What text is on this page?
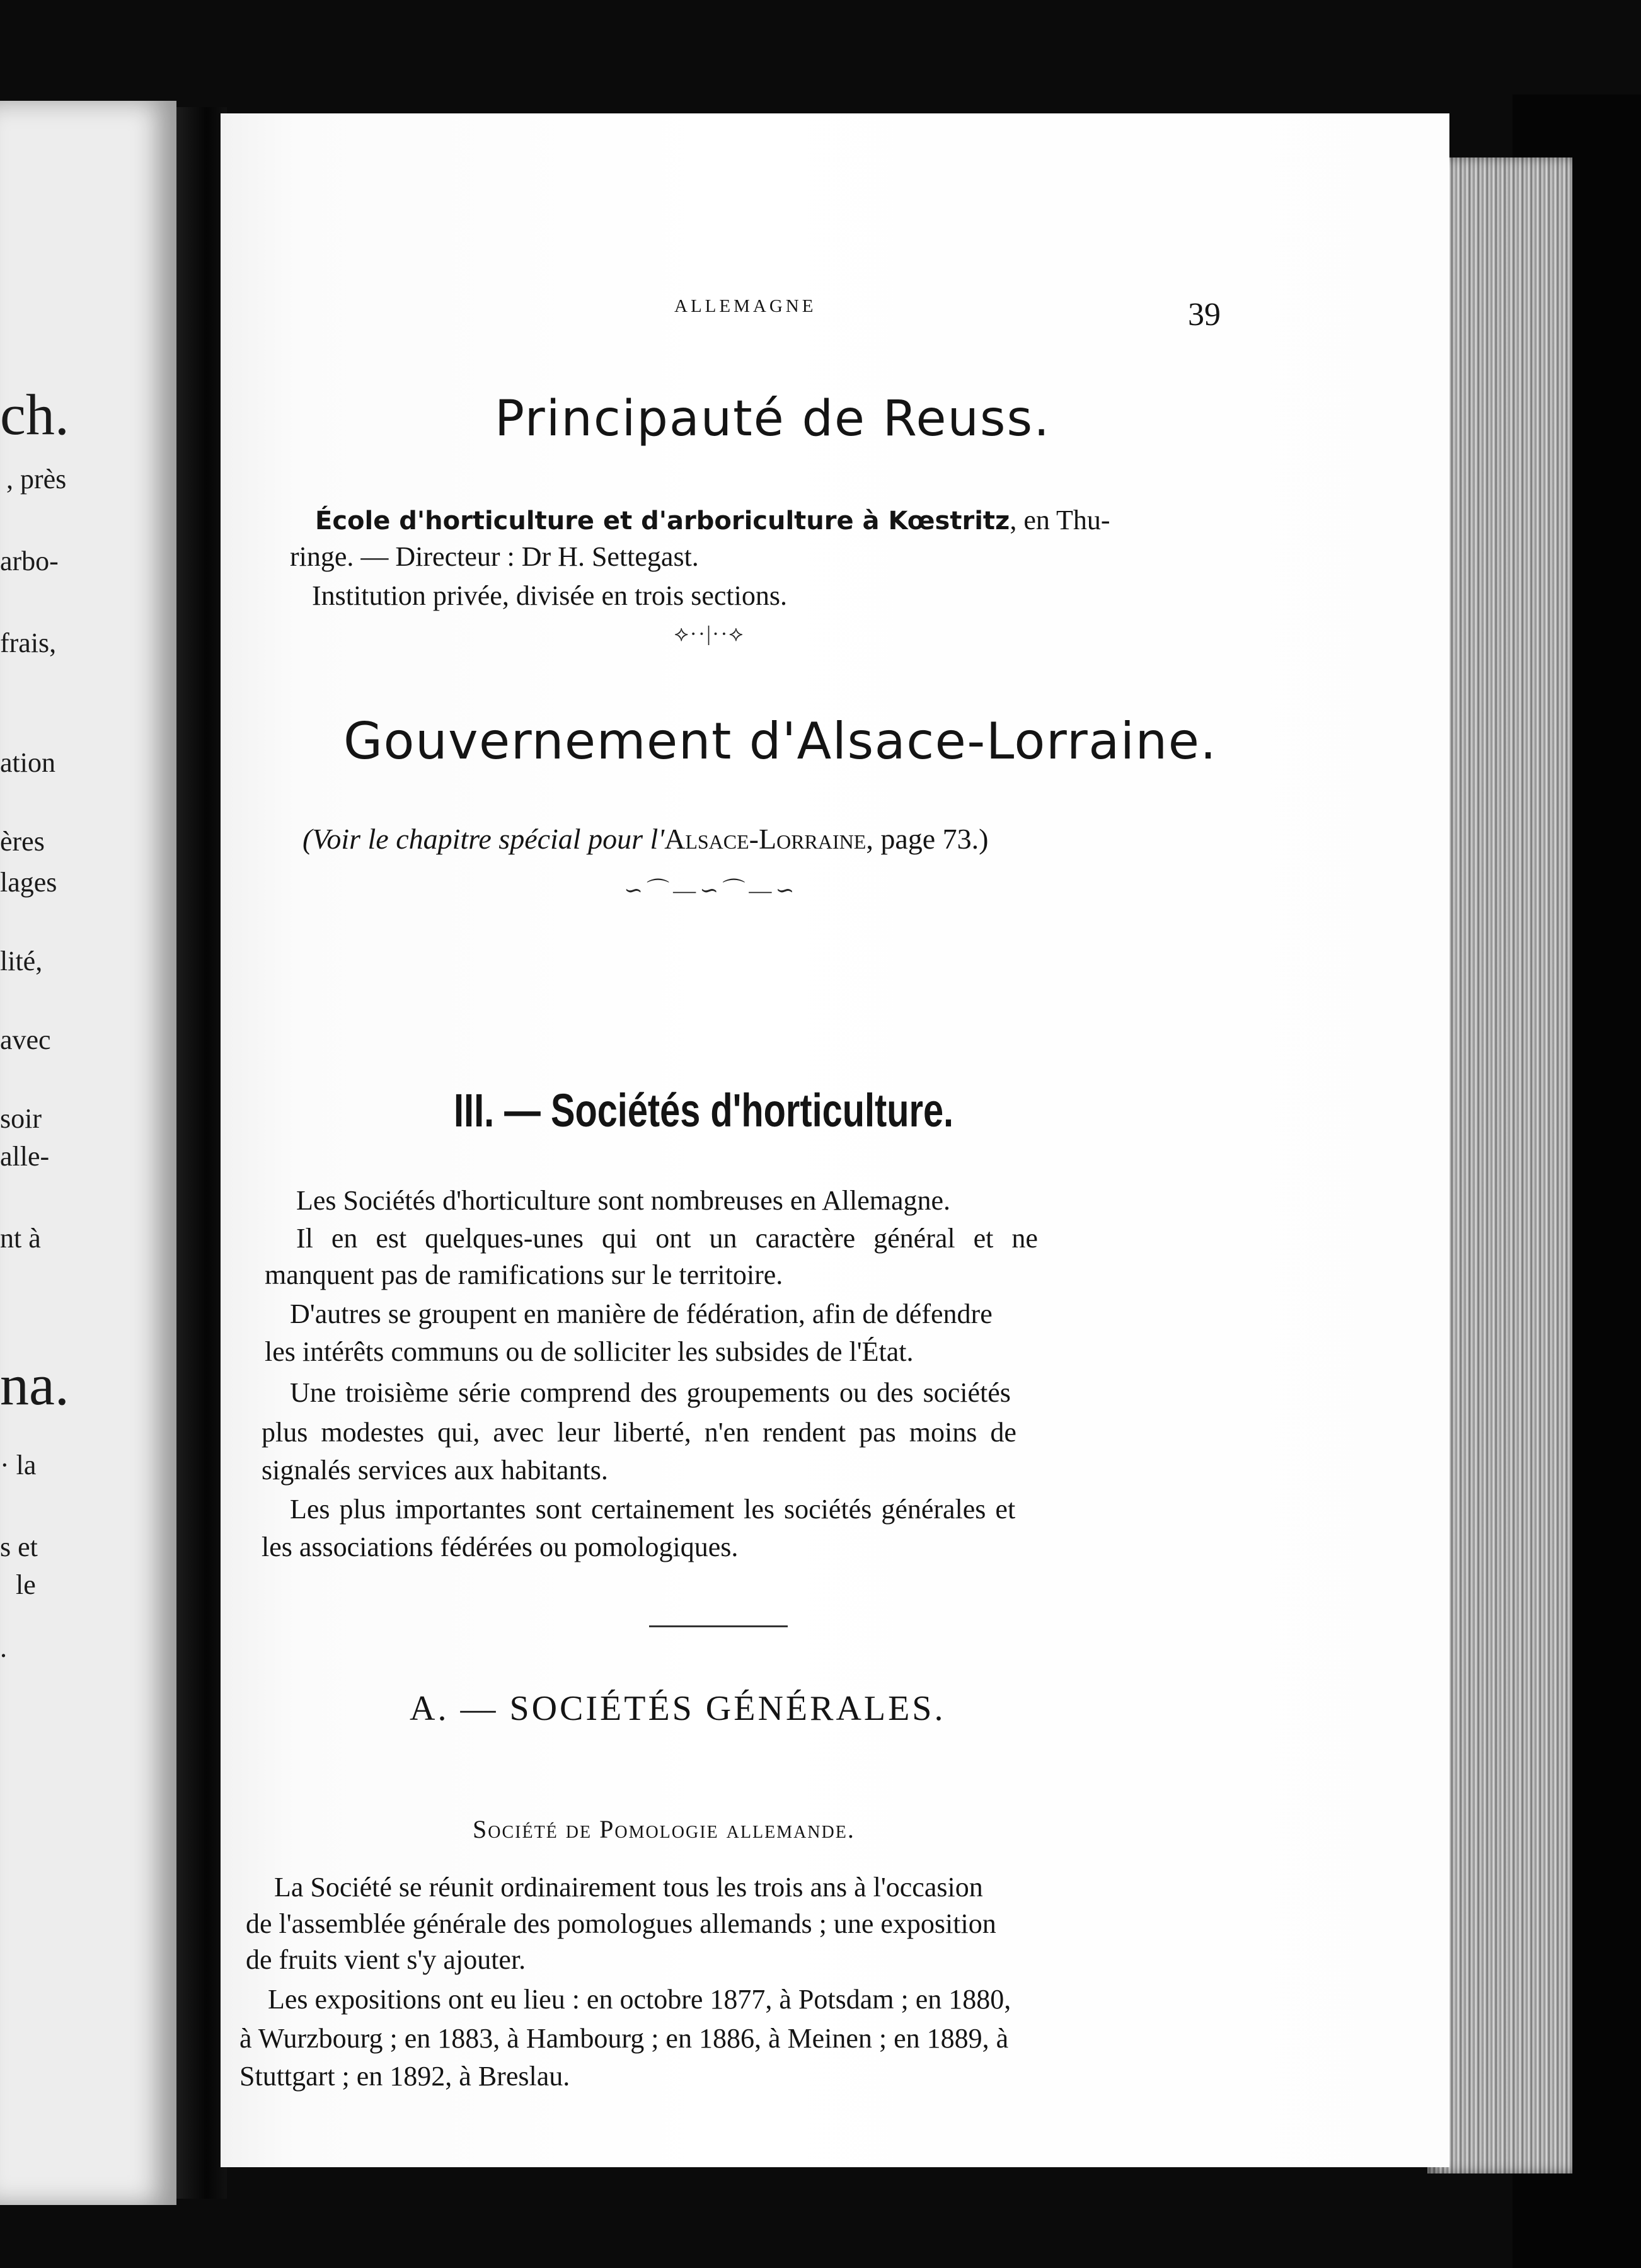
ch.
, près
arbo-
frais,
ation
ères
lages
lité,
avec
soir
alle-
nt à
na.
· la
s et
le
.
ALLEMAGNE	39
Principauté de Reuss.
École d'horticulture et d'arboriculture à Kœstritz, en Thu-
ringe. — Directeur : Dr H. Settegast.
Institution privée, divisée en trois sections.
⟡··|··⟡
Gouvernement d'Alsace-Lorraine.
(Voir le chapitre spécial pour l'Alsace-Lorraine, page 73.)
∽⌒—∽⌒—∽
III. — Sociétés d'horticulture.
Les Sociétés d'horticulture sont nombreuses en Allemagne.
Il en est quelques-unes qui ont un caractère général et ne
manquent pas de ramifications sur le territoire.
D'autres se groupent en manière de fédération, afin de défendre
les intérêts communs ou de solliciter les subsides de l'État.
Une troisième série comprend des groupements ou des sociétés
plus modestes qui, avec leur liberté, n'en rendent pas moins de
signalés services aux habitants.
Les plus importantes sont certainement les sociétés générales et
les associations fédérées ou pomologiques.
A. — SOCIÉTÉS GÉNÉRALES.
Société de Pomologie allemande.
La Société se réunit ordinairement tous les trois ans à l'occasion
de l'assemblée générale des pomologues allemands ; une exposition
de fruits vient s'y ajouter.
Les expositions ont eu lieu : en octobre 1877, à Potsdam ; en 1880,
à Wurzbourg ; en 1883, à Hambourg ; en 1886, à Meinen ; en 1889, à
Stuttgart ; en 1892, à Breslau.
